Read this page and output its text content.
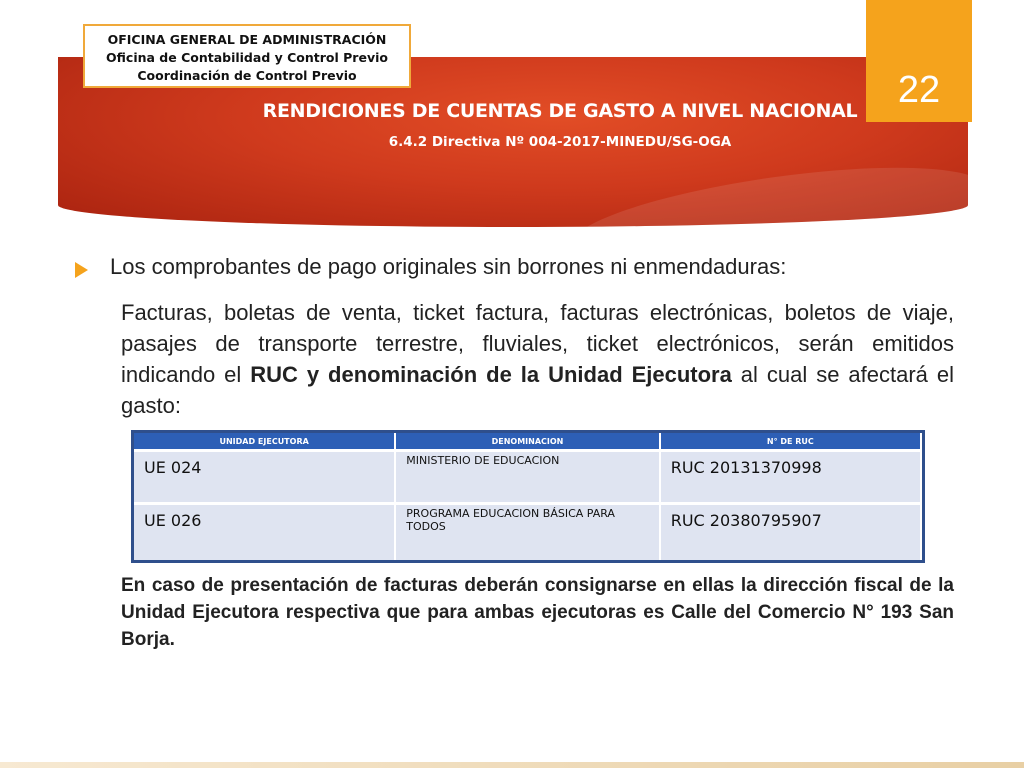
OFICINA GENERAL DE ADMINISTRACIÓN
Oficina de Contabilidad y Control Previo
Coordinación de Control Previo	22
RENDICIONES DE CUENTAS DE GASTO A NIVEL NACIONAL
6.4.2 Directiva Nº 004-2017-MINEDU/SG-OGA
Los comprobantes de pago originales sin borrones ni enmendaduras:
Facturas, boletas de venta, ticket factura, facturas electrónicas, boletos de viaje, pasajes de transporte terrestre, fluviales, ticket electrónicos, serán emitidos indicando el RUC y denominación de la Unidad Ejecutora al cual se afectará el gasto:
UNIDAD EJECUTORA	DENOMINACION	N° DE RUC
UE 024	MINISTERIO DE EDUCACION	RUC 20131370998
UE 026	PROGRAMA EDUCACION BÁSICA PARA TODOS	RUC 20380795907
En caso de presentación de facturas deberán consignarse en ellas la dirección fiscal de la Unidad Ejecutora respectiva que para ambas ejecutoras es Calle del Comercio N° 193 San Borja.
